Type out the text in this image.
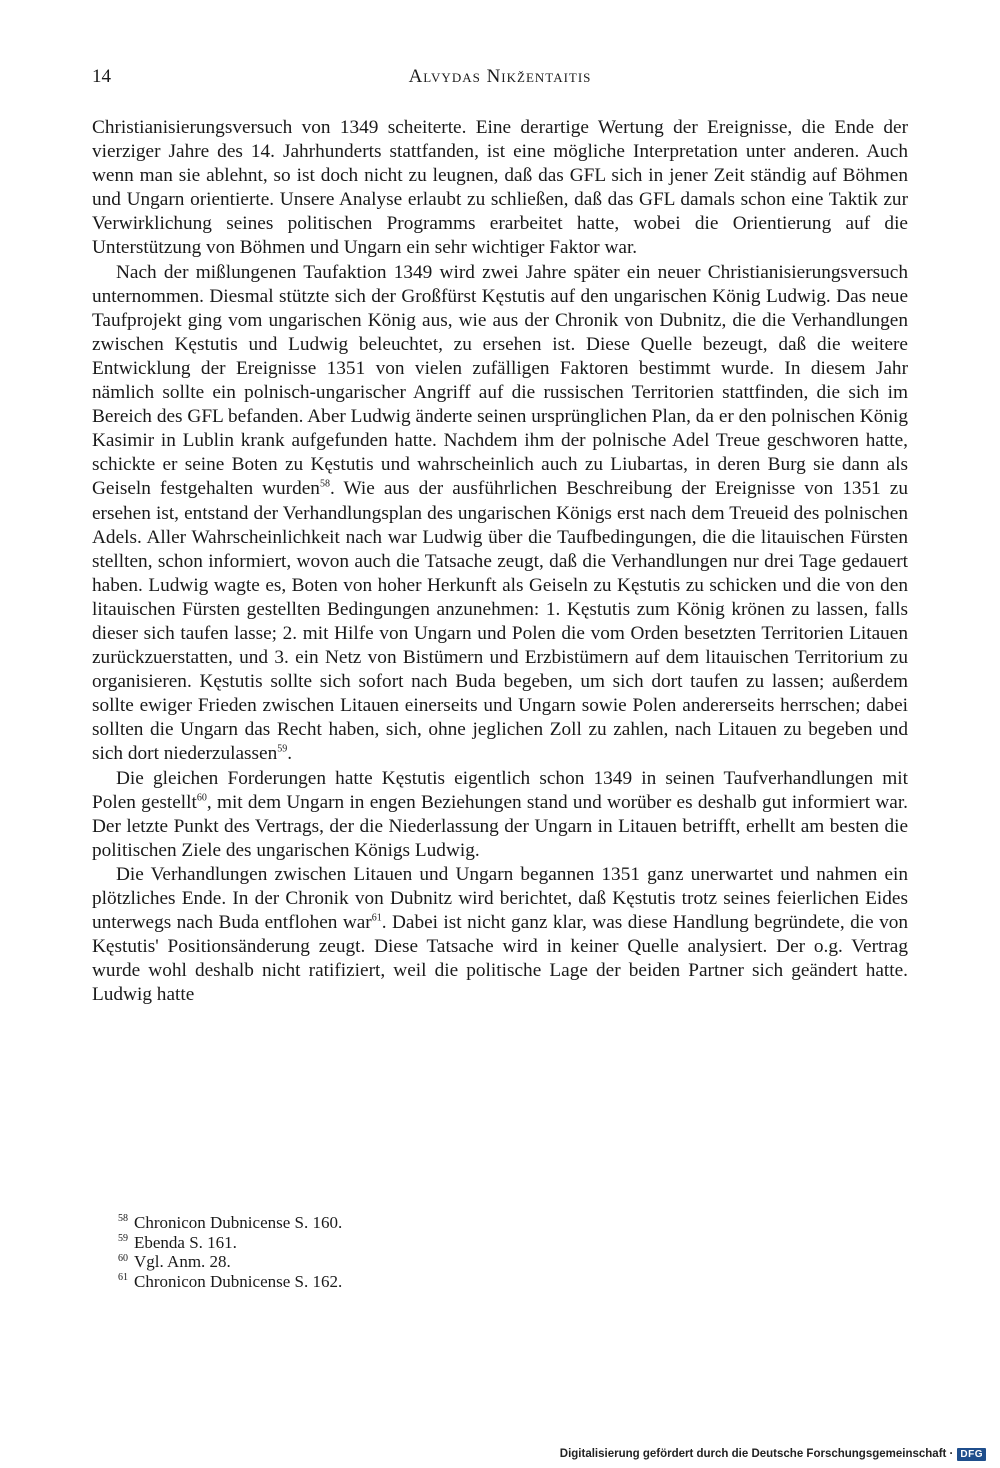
14	Alvydas Nikžentaitis

Christianisierungsversuch von 1349 scheiterte. Eine derartige Wertung der Ereignisse, die Ende der vierziger Jahre des 14. Jahrhunderts stattfanden, ist eine mögliche Interpretation unter anderen. Auch wenn man sie ablehnt, so ist doch nicht zu leugnen, daß das GFL sich in jener Zeit ständig auf Böhmen und Ungarn orientierte. Unsere Analyse erlaubt zu schließen, daß das GFL damals schon eine Taktik zur Verwirklichung seines politischen Programms erarbeitet hatte, wobei die Orientierung auf die Unterstützung von Böhmen und Ungarn ein sehr wichtiger Faktor war.

Nach der mißlungenen Taufaktion 1349 wird zwei Jahre später ein neuer Christianisierungsversuch unternommen. Diesmal stützte sich der Großfürst Kęstutis auf den ungarischen König Ludwig. Das neue Taufprojekt ging vom ungarischen König aus, wie aus der Chronik von Dubnitz, die die Verhandlungen zwischen Kęstutis und Ludwig beleuchtet, zu ersehen ist. Diese Quelle bezeugt, daß die weitere Entwicklung der Ereignisse 1351 von vielen zufälligen Faktoren bestimmt wurde. In diesem Jahr nämlich sollte ein polnisch-ungarischer Angriff auf die russischen Territorien stattfinden, die sich im Bereich des GFL befanden. Aber Ludwig änderte seinen ursprünglichen Plan, da er den polnischen König Kasimir in Lublin krank aufgefunden hatte. Nachdem ihm der polnische Adel Treue geschworen hatte, schickte er seine Boten zu Kęstutis und wahrscheinlich auch zu Liubartas, in deren Burg sie dann als Geiseln festgehalten wurden$^{58}$. Wie aus der ausführlichen Beschreibung der Ereignisse von 1351 zu ersehen ist, entstand der Verhandlungsplan des ungarischen Königs erst nach dem Treueid des polnischen Adels. Aller Wahrscheinlichkeit nach war Ludwig über die Taufbedingungen, die die litauischen Fürsten stellten, schon informiert, wovon auch die Tatsache zeugt, daß die Verhandlungen nur drei Tage gedauert haben. Ludwig wagte es, Boten von hoher Herkunft als Geiseln zu Kęstutis zu schicken und die von den litauischen Fürsten gestellten Bedingungen anzunehmen: 1. Kęstutis zum König krönen zu lassen, falls dieser sich taufen lasse; 2. mit Hilfe von Ungarn und Polen die vom Orden besetzten Territorien Litauen zurückzuerstatten, und 3. ein Netz von Bistümern und Erzbistümern auf dem litauischen Territorium zu organisieren. Kęstutis sollte sich sofort nach Buda begeben, um sich dort taufen zu lassen; außerdem sollte ewiger Frieden zwischen Litauen einerseits und Ungarn sowie Polen andererseits herrschen; dabei sollten die Ungarn das Recht haben, sich, ohne jeglichen Zoll zu zahlen, nach Litauen zu begeben und sich dort niederzulassen$^{59}$.

Die gleichen Forderungen hatte Kęstutis eigentlich schon 1349 in seinen Taufverhandlungen mit Polen gestellt$^{60}$, mit dem Ungarn in engen Beziehungen stand und worüber es deshalb gut informiert war. Der letzte Punkt des Vertrags, der die Niederlassung der Ungarn in Litauen betrifft, erhellt am besten die politischen Ziele des ungarischen Königs Ludwig.

Die Verhandlungen zwischen Litauen und Ungarn begannen 1351 ganz unerwartet und nahmen ein plötzliches Ende. In der Chronik von Dubnitz wird berichtet, daß Kęstutis trotz seines feierlichen Eides unterwegs nach Buda entflohen war$^{61}$. Dabei ist nicht ganz klar, was diese Handlung begründete, die von Kęstutis' Positionsänderung zeugt. Diese Tatsache wird in keiner Quelle analysiert. Der o.g. Vertrag wurde wohl deshalb nicht ratifiziert, weil die politische Lage der beiden Partner sich geändert hatte. Ludwig hatte

$^{58}$ Chronicon Dubnicense S. 160.
$^{59}$ Ebenda S. 161.
$^{60}$ Vgl. Anm. 28.
$^{61}$ Chronicon Dubnicense S. 162.
Digitalisierung gefördert durch die Deutsche Forschungsgemeinschaft · DFG
